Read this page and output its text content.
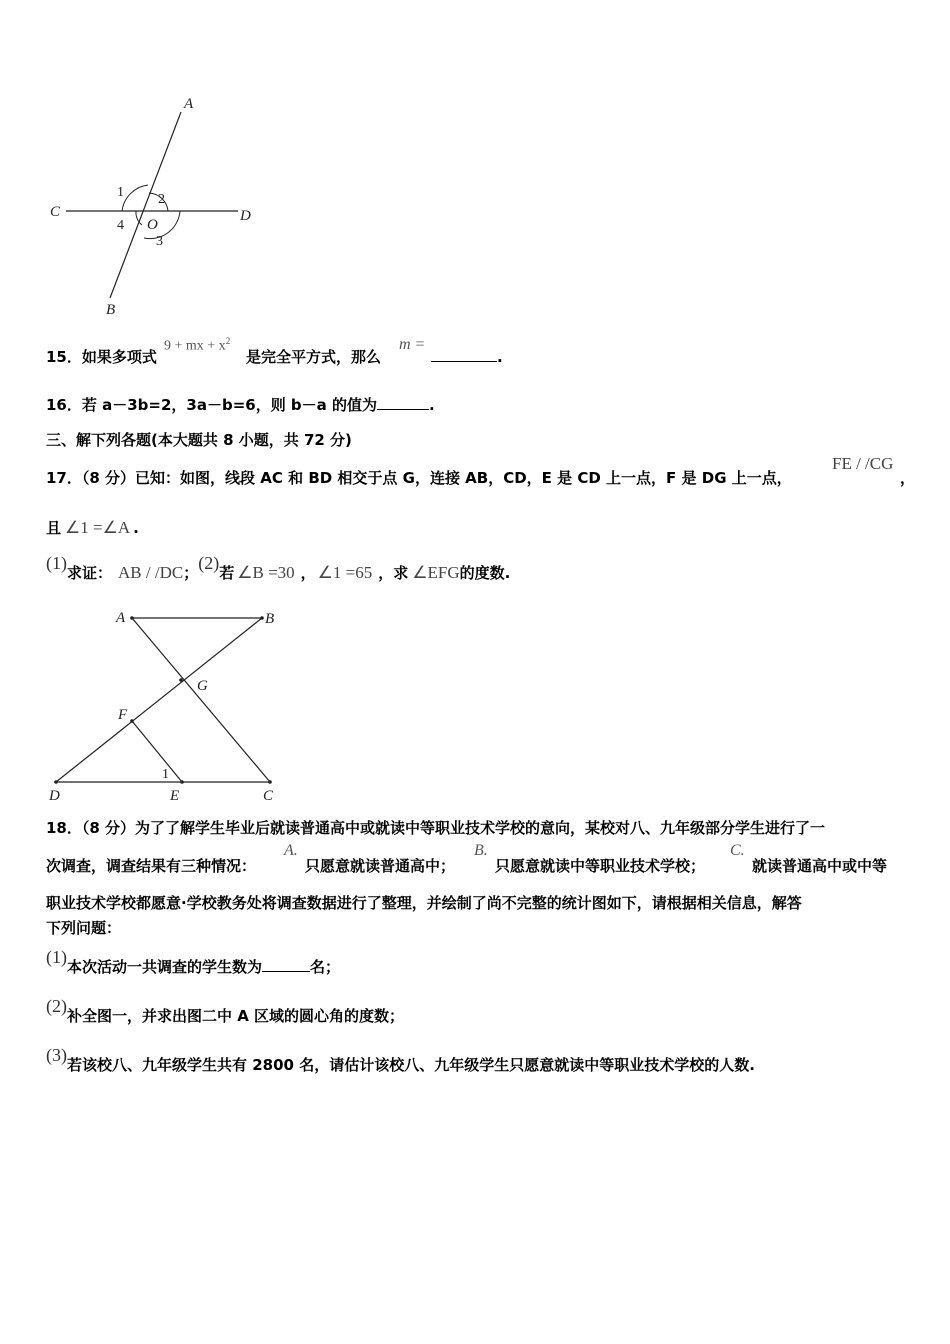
A
B
C	D
O
1 2
3
4
15．如果多项式
9 + mx + $x^2$
是完全平方式，那么
m =
.
16．若 a－3b=2，3a－b=6，则 b－a 的值为	.
三、解下列各题(本大题共 8 小题，共 72 分)
17．（8 分）已知：如图，线段 AC 和 BD 相交于点 G，连接 AB，CD，E 是 CD 上一点，F 是 DG 上一点，
FE / /CG
，
且 ∠1 =∠A .
(1)求证： AB / /DC；(2)若 ∠B =30 ， ∠1 =65 ，求 ∠EFG的度数.
A	B
G
F
1
D	E	C
18．（8 分）为了了解学生毕业后就读普通高中或就读中等职业技术学校的意向，某校对八、九年级部分学生进行了一
次调查，调查结果有三种情况：
A.
只愿意就读普通高中；
B.
只愿意就读中等职业技术学校；
C.
就读普通高中或中等
职业技术学校都愿意·学校教务处将调查数据进行了整理，并绘制了尚不完整的统计图如下，请根据相关信息，解答
下列问题：
(1)本次活动一共调查的学生数为	名；
(2)补全图一，并求出图二中 A 区域的圆心角的度数；
(3)若该校八、九年级学生共有 2800 名，请估计该校八、九年级学生只愿意就读中等职业技术学校的人数.
